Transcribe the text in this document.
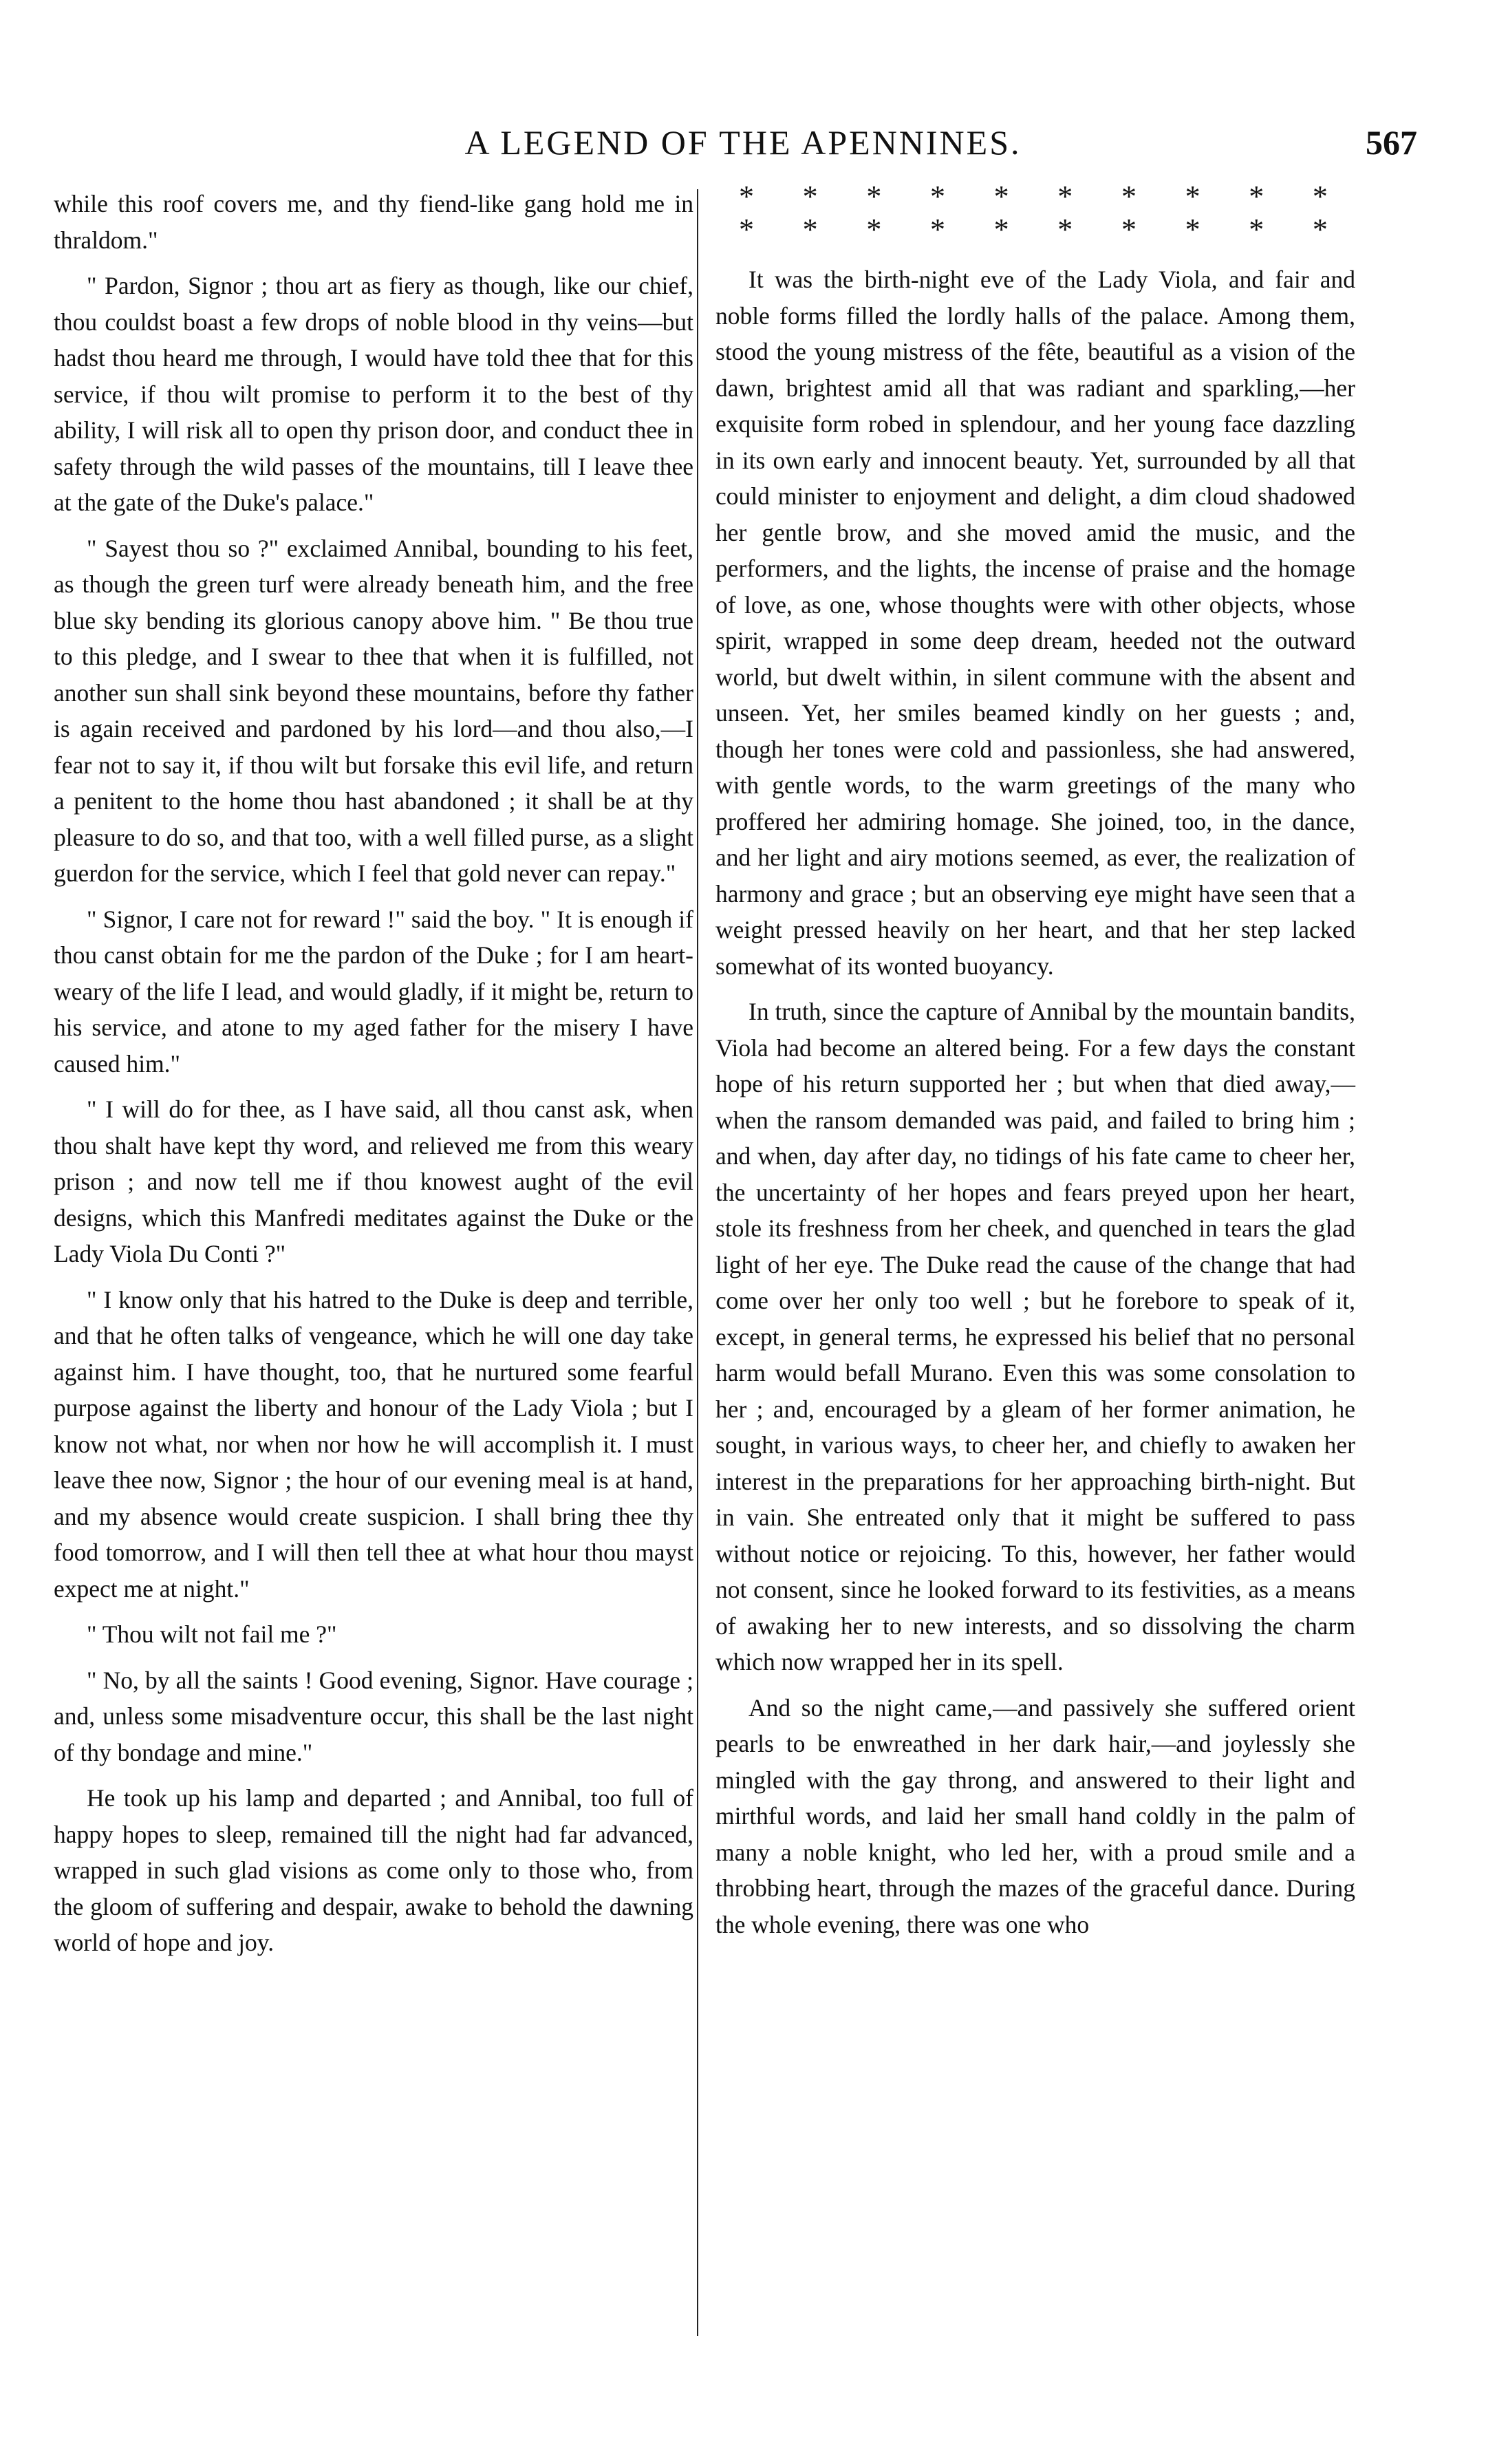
A LEGEND OF THE APENNINES.	567

while this roof covers me, and thy fiend-like gang hold me in thraldom."

" Pardon, Signor ; thou art as fiery as though, like our chief, thou couldst boast a few drops of noble blood in thy veins—but hadst thou heard me through, I would have told thee that for this service, if thou wilt promise to perform it to the best of thy ability, I will risk all to open thy prison door, and conduct thee in safety through the wild passes of the mountains, till I leave thee at the gate of the Duke's palace."

" Sayest thou so ?" exclaimed Annibal, bounding to his feet, as though the green turf were already beneath him, and the free blue sky bending its glorious canopy above him. " Be thou true to this pledge, and I swear to thee that when it is fulfilled, not another sun shall sink beyond these mountains, before thy father is again received and pardoned by his lord—and thou also,—I fear not to say it, if thou wilt but forsake this evil life, and return a penitent to the home thou hast abandoned ; it shall be at thy pleasure to do so, and that too, with a well filled purse, as a slight guerdon for the service, which I feel that gold never can repay."

" Signor, I care not for reward !" said the boy. " It is enough if thou canst obtain for me the pardon of the Duke ; for I am heart-weary of the life I lead, and would gladly, if it might be, return to his service, and atone to my aged father for the misery I have caused him."

" I will do for thee, as I have said, all thou canst ask, when thou shalt have kept thy word, and relieved me from this weary prison ; and now tell me if thou knowest aught of the evil designs, which this Manfredi meditates against the Duke or the Lady Viola Du Conti ?"

" I know only that his hatred to the Duke is deep and terrible, and that he often talks of vengeance, which he will one day take against him. I have thought, too, that he nurtured some fearful purpose against the liberty and honour of the Lady Viola ; but I know not what, nor when nor how he will accomplish it. I must leave thee now, Signor ; the hour of our evening meal is at hand, and my absence would create suspicion. I shall bring thee thy food tomorrow, and I will then tell thee at what hour thou mayst expect me at night."

" Thou wilt not fail me ?"

" No, by all the saints ! Good evening, Signor. Have courage ; and, unless some misadventure occur, this shall be the last night of thy bondage and mine."

He took up his lamp and departed ; and Annibal, too full of happy hopes to sleep, remained till the night had far advanced, wrapped in such glad visions as come only to those who, from the gloom of suffering and despair, awake to behold the dawning world of hope and joy.

* * * * * * * * * *
* * * * * * * * * *

It was the birth-night eve of the Lady Viola, and fair and noble forms filled the lordly halls of the palace. Among them, stood the young mistress of the fête, beautiful as a vision of the dawn, brightest amid all that was radiant and sparkling,—her exquisite form robed in splendour, and her young face dazzling in its own early and innocent beauty. Yet, surrounded by all that could minister to enjoyment and delight, a dim cloud shadowed her gentle brow, and she moved amid the music, and the performers, and the lights, the incense of praise and the homage of love, as one, whose thoughts were with other objects, whose spirit, wrapped in some deep dream, heeded not the outward world, but dwelt within, in silent commune with the absent and unseen. Yet, her smiles beamed kindly on her guests ; and, though her tones were cold and passionless, she had answered, with gentle words, to the warm greetings of the many who proffered her admiring homage. She joined, too, in the dance, and her light and airy motions seemed, as ever, the realization of harmony and grace ; but an observing eye might have seen that a weight pressed heavily on her heart, and that her step lacked somewhat of its wonted buoyancy.

In truth, since the capture of Annibal by the mountain bandits, Viola had become an altered being. For a few days the constant hope of his return supported her ; but when that died away,—when the ransom demanded was paid, and failed to bring him ; and when, day after day, no tidings of his fate came to cheer her, the uncertainty of her hopes and fears preyed upon her heart, stole its freshness from her cheek, and quenched in tears the glad light of her eye. The Duke read the cause of the change that had come over her only too well ; but he forebore to speak of it, except, in general terms, he expressed his belief that no personal harm would befall Murano. Even this was some consolation to her ; and, encouraged by a gleam of her former animation, he sought, in various ways, to cheer her, and chiefly to awaken her interest in the preparations for her approaching birth-night. But in vain. She entreated only that it might be suffered to pass without notice or rejoicing. To this, however, her father would not consent, since he looked forward to its festivities, as a means of awaking her to new interests, and so dissolving the charm which now wrapped her in its spell.

And so the night came,—and passively she suffered orient pearls to be enwreathed in her dark hair,—and joylessly she mingled with the gay throng, and answered to their light and mirthful words, and laid her small hand coldly in the palm of many a noble knight, who led her, with a proud smile and a throbbing heart, through the mazes of the graceful dance. During the whole evening, there was one who
